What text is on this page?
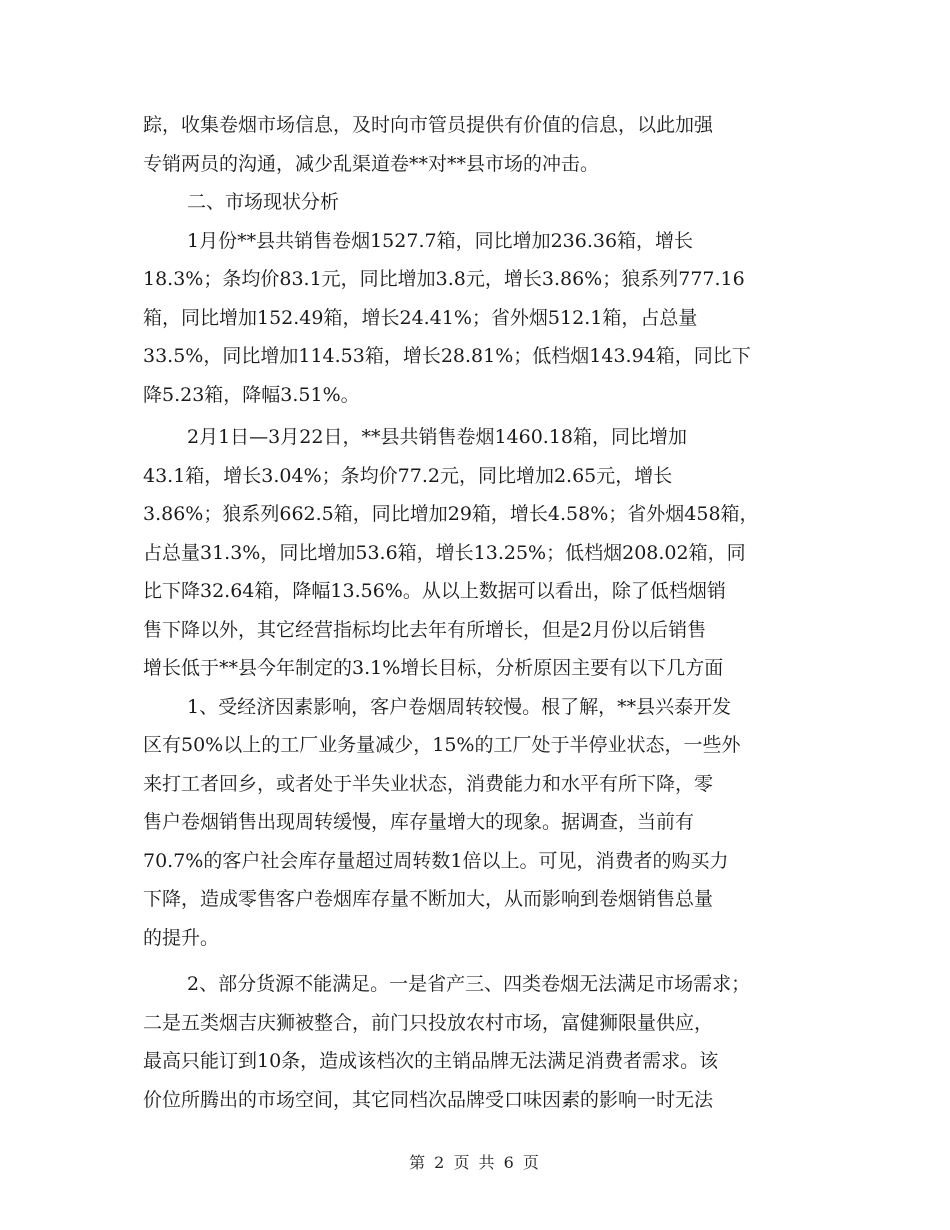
踪，收集卷烟市场信息，及时向市管员提供有价值的信息，以此加强

专销两员的沟通，减少乱渠道卷**对**县市场的冲击。

二、市场现状分析

1月份**县共销售卷烟1527.7箱，同比增加236.36箱，增长

18.3%；条均价83.1元，同比增加3.8元，增长3.86%；狼系列777.16

箱，同比增加152.49箱，增长24.41%；省外烟512.1箱，占总量

33.5%，同比增加114.53箱，增长28.81%；低档烟143.94箱，同比下

降5.23箱，降幅3.51%。

2月1日—3月22日，**县共销售卷烟1460.18箱，同比增加

43.1箱，增长3.04%；条均价77.2元，同比增加2.65元，增长

3.86%；狼系列662.5箱，同比增加29箱，增长4.58%；省外烟458箱，

占总量31.3%，同比增加53.6箱，增长13.25%；低档烟208.02箱，同

比下降32.64箱，降幅13.56%。从以上数据可以看出，除了低档烟销

售下降以外，其它经营指标均比去年有所增长，但是2月份以后销售

增长低于**县今年制定的3.1%增长目标，分析原因主要有以下几方面

1、受经济因素影响，客户卷烟周转较慢。根了解，**县兴泰开发

区有50%以上的工厂业务量减少，15%的工厂处于半停业状态，一些外

来打工者回乡，或者处于半失业状态，消费能力和水平有所下降，零

售户卷烟销售出现周转缓慢，库存量增大的现象。据调查，当前有

70.7%的客户社会库存量超过周转数1倍以上。可见，消费者的购买力

下降，造成零售客户卷烟库存量不断加大，从而影响到卷烟销售总量

的提升。

2、部分货源不能满足。一是省产三、四类卷烟无法满足市场需求；

二是五类烟吉庆狮被整合，前门只投放农村市场，富健狮限量供应，

最高只能订到10条，造成该档次的主销品牌无法满足消费者需求。该

价位所腾出的市场空间，其它同档次品牌受口味因素的影响一时无法

第 2 页 共 6 页
